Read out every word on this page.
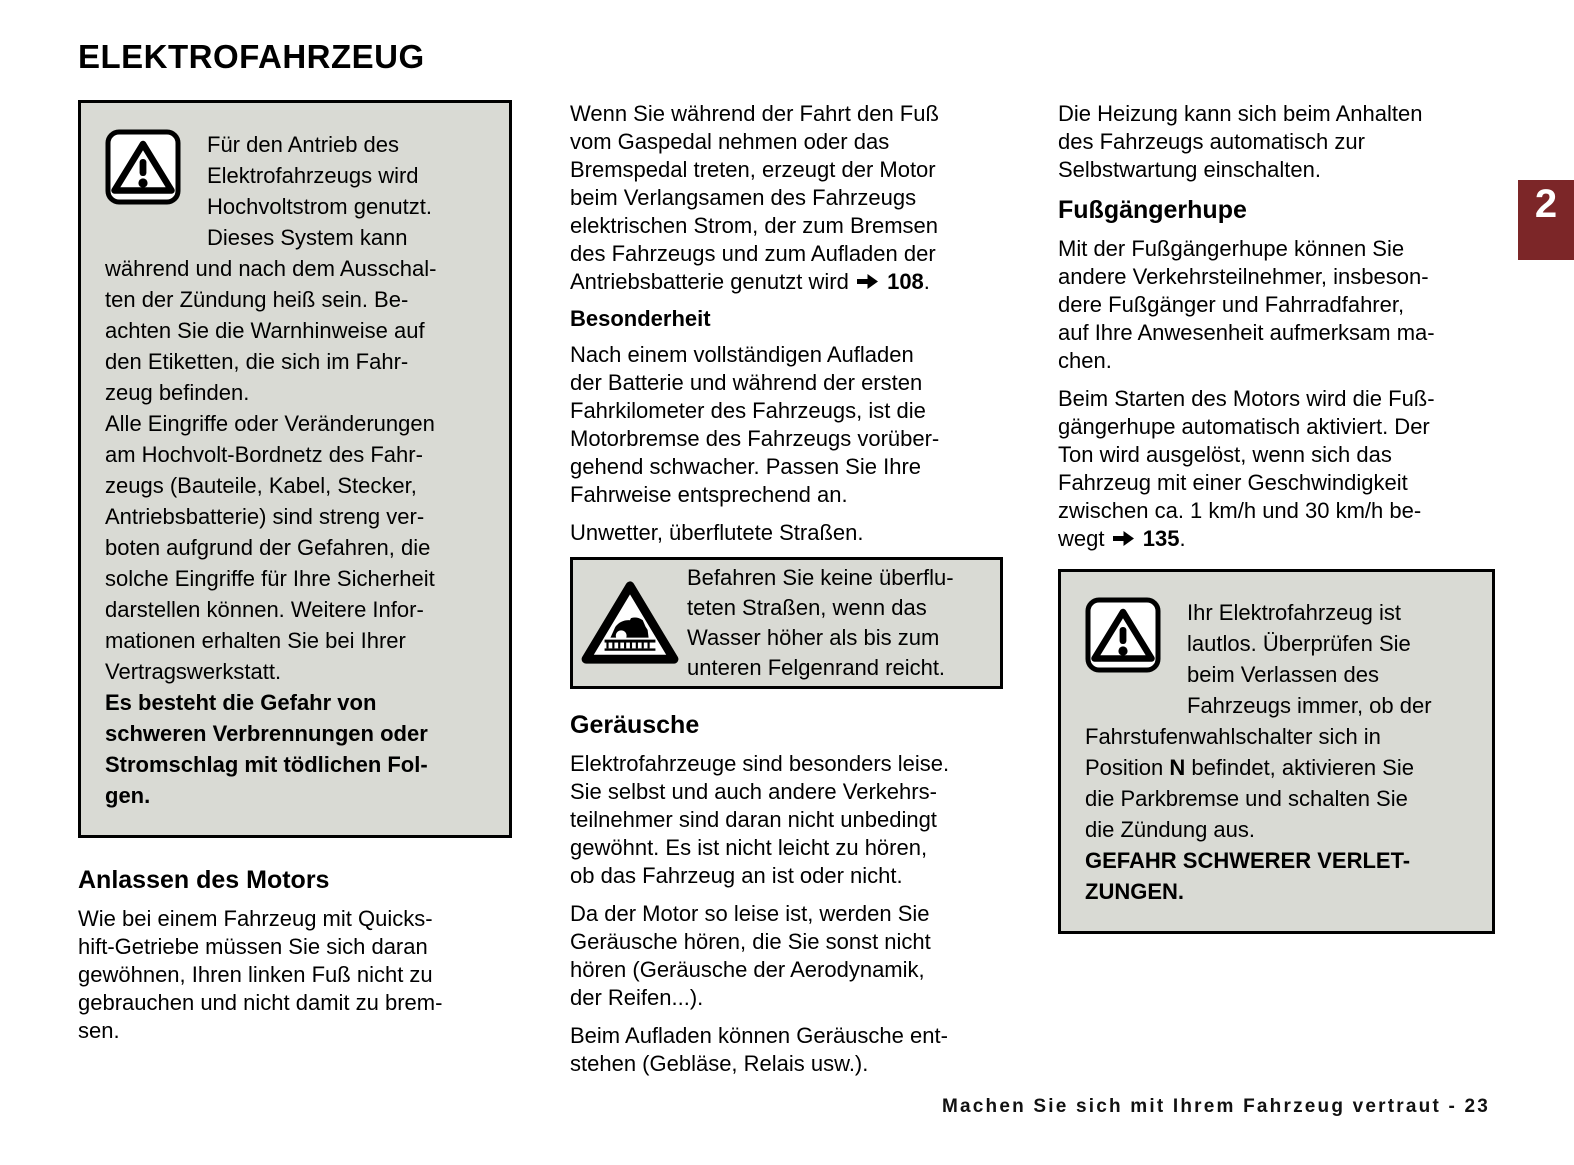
ELEKTROFAHRZEUG
Für den Antrieb des
Elektrofahrzeugs wird
Hochvoltstrom genutzt.
Dieses System kann
während und nach dem Ausschal-
ten der Zündung heiß sein. Be-
achten Sie die Warnhinweise auf
den Etiketten, die sich im Fahr-
zeug befinden.
Alle Eingriffe oder Veränderungen
am Hochvolt-Bordnetz des Fahr-
zeugs (Bauteile, Kabel, Stecker,
Antriebsbatterie) sind streng ver-
boten aufgrund der Gefahren, die
solche Eingriffe für Ihre Sicherheit
darstellen können. Weitere Infor-
mationen erhalten Sie bei Ihrer
Vertragswerkstatt.
Es besteht die Gefahr von
schweren Verbrennungen oder
Stromschlag mit tödlichen Fol-
gen.
Anlassen des Motors
Wie bei einem Fahrzeug mit Quicks-
hift-Getriebe müssen Sie sich daran
gewöhnen, Ihren linken Fuß nicht zu
gebrauchen und nicht damit zu brem-
sen.
Wenn Sie während der Fahrt den Fuß
vom Gaspedal nehmen oder das
Bremspedal treten, erzeugt der Motor
beim Verlangsamen des Fahrzeugs
elektrischen Strom, der zum Bremsen
des Fahrzeugs und zum Aufladen der
Antriebsbatterie genutzt wird 108.
Besonderheit
Nach einem vollständigen Aufladen
der Batterie und während der ersten
Fahrkilometer des Fahrzeugs, ist die
Motorbremse des Fahrzeugs vorüber-
gehend schwacher. Passen Sie Ihre
Fahrweise entsprechend an.
Unwetter, überflutete Straßen.
Befahren Sie keine überflu-
teten Straßen, wenn das
Wasser höher als bis zum
unteren Felgenrand reicht.
Geräusche
Elektrofahrzeuge sind besonders leise.
Sie selbst und auch andere Verkehrs-
teilnehmer sind daran nicht unbedingt
gewöhnt. Es ist nicht leicht zu hören,
ob das Fahrzeug an ist oder nicht.
Da der Motor so leise ist, werden Sie
Geräusche hören, die Sie sonst nicht
hören (Geräusche der Aerodynamik,
der Reifen...).
Beim Aufladen können Geräusche ent-
stehen (Gebläse, Relais usw.).
Die Heizung kann sich beim Anhalten
des Fahrzeugs automatisch zur
Selbstwartung einschalten.
Fußgängerhupe
Mit der Fußgängerhupe können Sie
andere Verkehrsteilnehmer, insbeson-
dere Fußgänger und Fahrradfahrer,
auf Ihre Anwesenheit aufmerksam ma-
chen.
Beim Starten des Motors wird die Fuß-
gängerhupe automatisch aktiviert. Der
Ton wird ausgelöst, wenn sich das
Fahrzeug mit einer Geschwindigkeit
zwischen ca. 1 km/h und 30 km/h be-
wegt 135.
Ihr Elektrofahrzeug ist
lautlos. Überprüfen Sie
beim Verlassen des
Fahrzeugs immer, ob der
Fahrstufenwahlschalter sich in
Position N befindet, aktivieren Sie
die Parkbremse und schalten Sie
die Zündung aus.
GEFAHR SCHWERER VERLET-
ZUNGEN.
2
Machen Sie sich mit Ihrem Fahrzeug vertraut - 23
